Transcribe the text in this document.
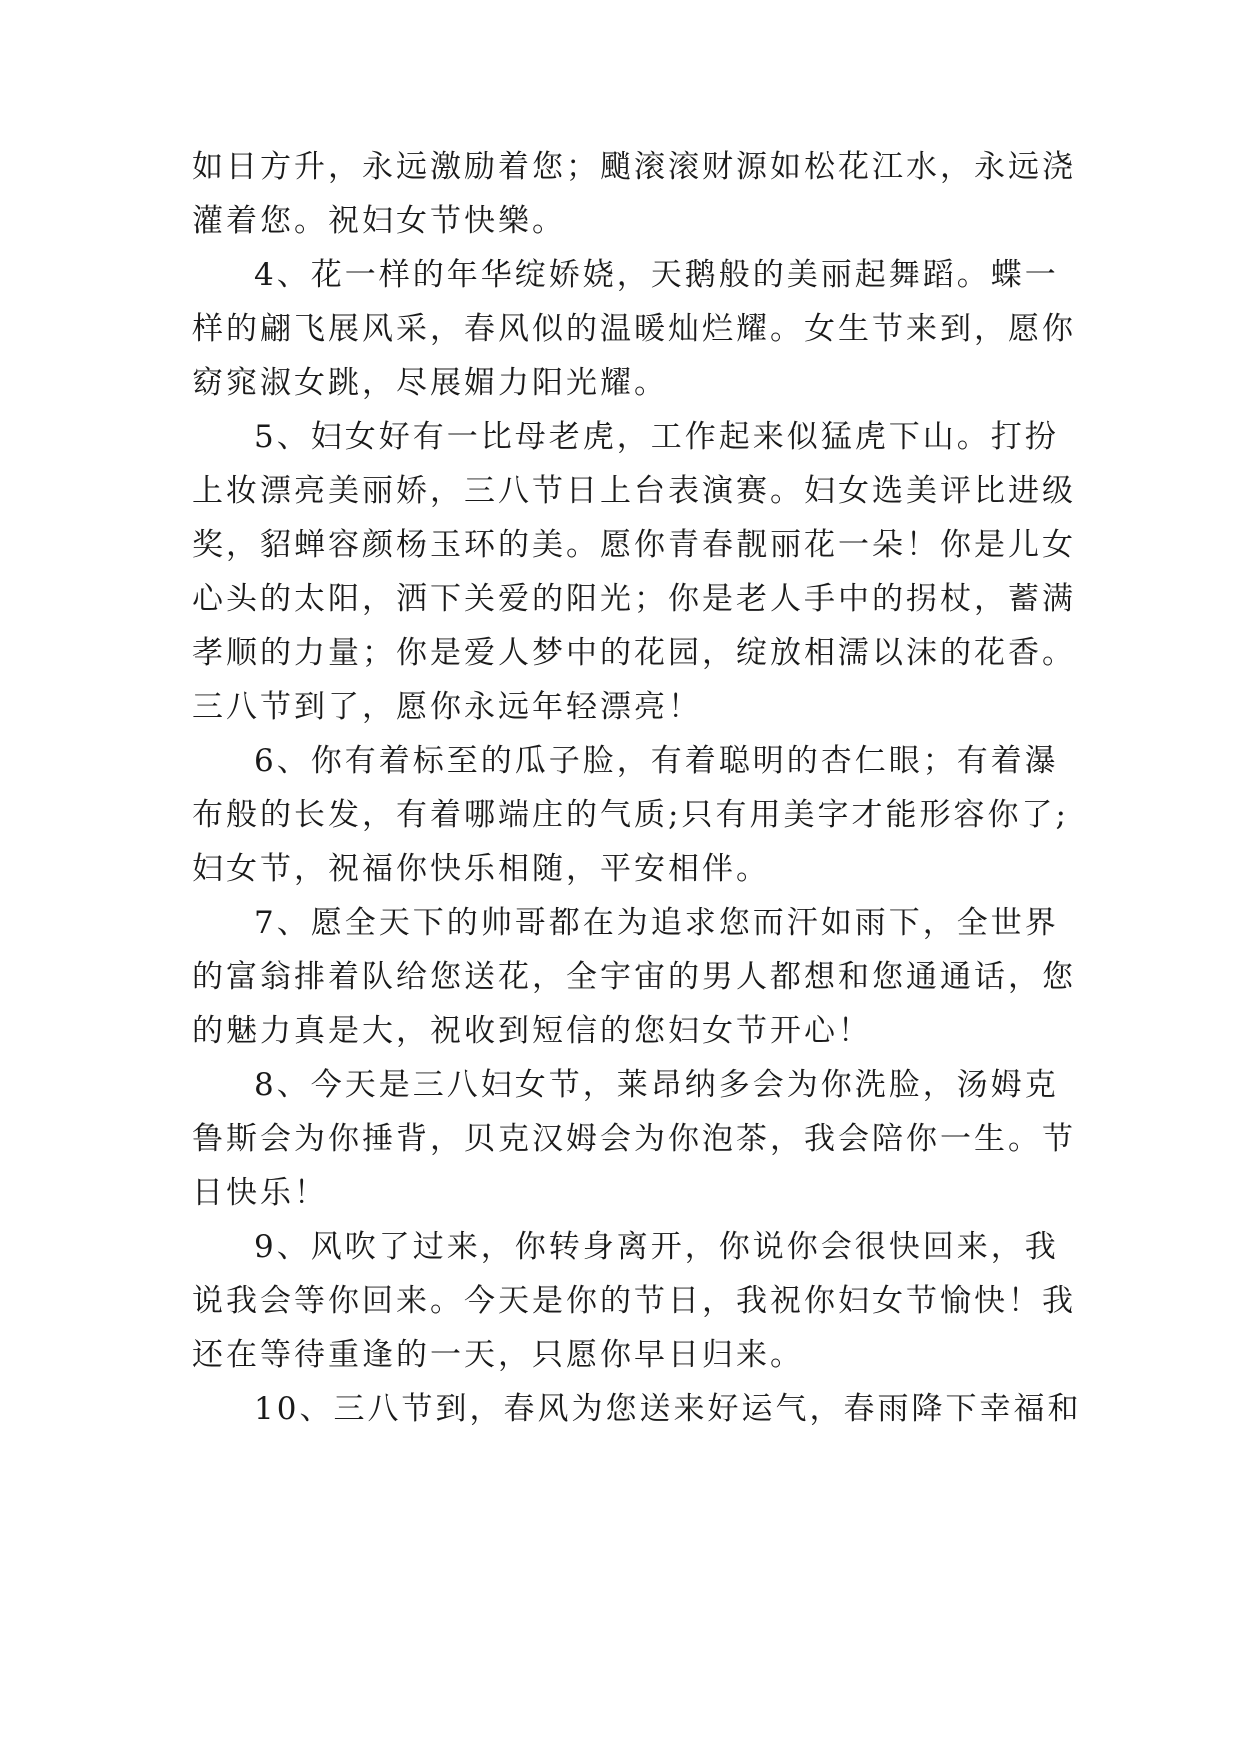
如日方升，永远激励着您；颵滚滚财源如松花江水，永远浇
灌着您。祝妇女节快樂。
4、花一样的年华绽娇娆，天鹅般的美丽起舞蹈。蝶一
样的翩飞展风采，春风似的温暖灿烂耀。女生节来到，愿你
窈窕淑女跳，尽展媚力阳光耀。
5、妇女好有一比母老虎，工作起来似猛虎下山。打扮
上妆漂亮美丽娇，三八节日上台表演赛。妇女选美评比进级
奖，貂蝉容颜杨玉环的美。愿你青春靓丽花一朵！你是儿女
心头的太阳，洒下关爱的阳光；你是老人手中的拐杖，蓄满
孝顺的力量；你是爱人梦中的花园，绽放相濡以沫的花香。
三八节到了，愿你永远年轻漂亮！
6、你有着标至的瓜子脸，有着聪明的杏仁眼；有着瀑
布般的长发，有着哪端庄的气质;只有用美字才能形容你了;
妇女节，祝福你快乐相随，平安相伴。
7、愿全天下的帅哥都在为追求您而汗如雨下，全世界
的富翁排着队给您送花，全宇宙的男人都想和您通通话，您
的魅力真是大，祝收到短信的您妇女节开心！
8、今天是三八妇女节，莱昂纳多会为你洗脸，汤姆克
鲁斯会为你捶背，贝克汉姆会为你泡茶，我会陪你一生。节
日快乐！
9、风吹了过来，你转身离开，你说你会很快回来，我
说我会等你回来。今天是你的节日，我祝你妇女节愉快！我
还在等待重逢的一天，只愿你早日归来。
10、三八节到，春风为您送来好运气，春雨降下幸福和
